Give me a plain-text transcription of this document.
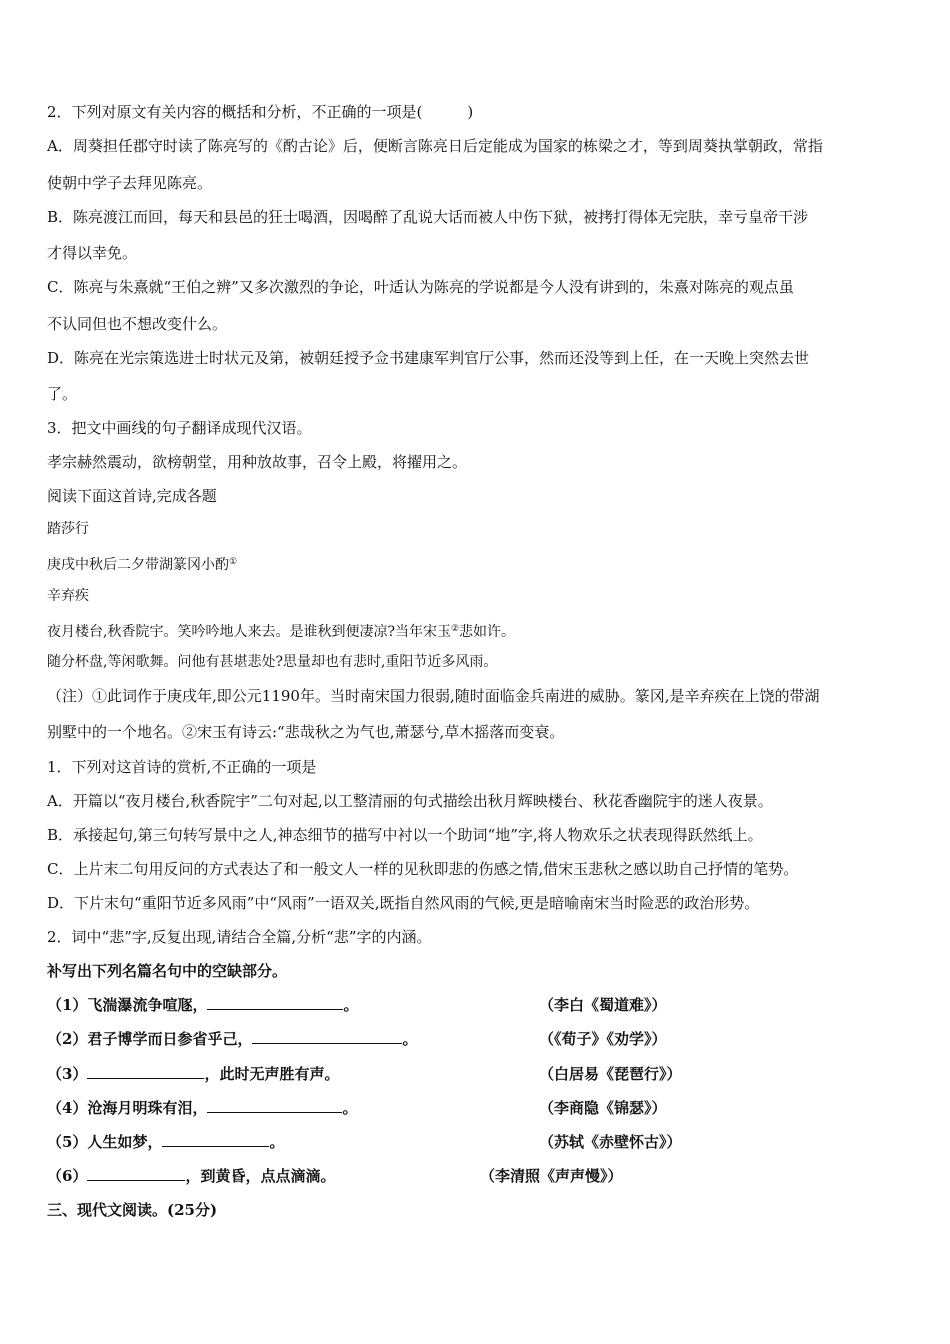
2．下列对原文有关内容的概括和分析，不正确的一项是(　　　)
A．周葵担任郡守时读了陈亮写的《酌古论》后，便断言陈亮日后定能成为国家的栋梁之才，等到周葵执掌朝政，常指
使朝中学子去拜见陈亮。
B．陈亮渡江而回，每天和县邑的狂士喝酒，因喝醉了乱说大话而被人中伤下狱，被拷打得体无完肤，幸亏皇帝干涉
才得以幸免。
C．陈亮与朱熹就“王伯之辨”又多次激烈的争论，叶适认为陈亮的学说都是今人没有讲到的，朱熹对陈亮的观点虽
不认同但也不想改变什么。
D．陈亮在光宗策选进士时状元及第，被朝廷授予佥书建康军判官厅公事，然而还没等到上任，在一天晚上突然去世
了。
3．把文中画线的句子翻译成现代汉语。
孝宗赫然震动，欲榜朝堂，用种放故事，召令上殿，将擢用之。
阅读下面这首诗,完成各题
踏莎行
庚戌中秋后二夕带湖篆冈小酌①
辛弃疾
夜月楼台,秋香院宇。笑吟吟地人来去。是谁秋到便凄凉?当年宋玉②悲如许。
随分杯盘,等闲歌舞。问他有甚堪悲处?思量却也有悲时,重阳节近多风雨。
（注）①此词作于庚戌年,即公元1190年。当时南宋国力很弱,随时面临金兵南进的威胁。篆冈,是辛弃疾在上饶的带湖
别墅中的一个地名。②宋玉有诗云:“悲哉秋之为气也,萧瑟兮,草木摇落而变衰。
1．下列对这首诗的赏析,不正确的一项是
A．开篇以“夜月楼台,秋香院宇”二句对起,以工整清丽的句式描绘出秋月辉映楼台、秋花香幽院宇的迷人夜景。
B．承接起句,第三句转写景中之人,神态细节的描写中衬以一个助词“地”字,将人物欢乐之状表现得跃然纸上。
C．上片末二句用反问的方式表达了和一般文人一样的见秋即悲的伤感之情,借宋玉悲秋之感以助自己抒情的笔势。
D．下片末句“重阳节近多风雨”中“风雨”一语双关,既指自然风雨的气候,更是暗喻南宋当时险恶的政治形势。
2．词中“悲”字,反复出现,请结合全篇,分析“悲”字的内涵。
补写出下列名篇名句中的空缺部分。
（1）飞湍瀑流争喧豗，	。	（李白《蜀道难》）
（2）君子博学而日参省乎己，	。	（《荀子》《劝学》）
（3）	，此时无声胜有声。	（白居易《琵琶行》）
（4）沧海月明珠有泪，	。	（李商隐《锦瑟》）
（5）人生如梦，	。	（苏轼《赤壁怀古》）
（6）	，到黄昏，点点滴滴。	（李清照《声声慢》）
三、现代文阅读。(25分)
